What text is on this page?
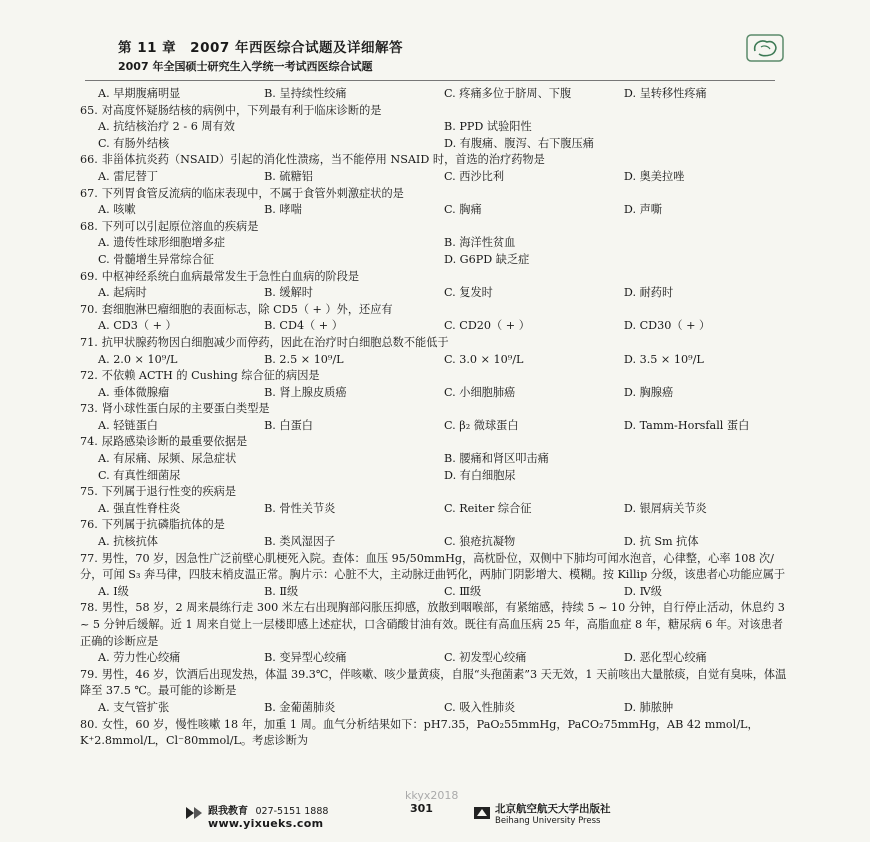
第 11 章　2007 年西医综合试题及详细解答
2007 年全国硕士研究生入学统一考试西医综合试题
A. 早期腹痛明显	B. 呈持续性绞痛	C. 疼痛多位于脐周、下腹	D. 呈转移性疼痛
65. 对高度怀疑肠结核的病例中，下列最有利于临床诊断的是
A. 抗结核治疗 2 - 6 周有效	B. PPD 试验阳性
C. 有肠外结核	D. 有腹痛、腹泻、右下腹压痛
66. 非甾体抗炎药（NSAID）引起的消化性溃疡，当不能停用 NSAID 时，首选的治疗药物是
A. 雷尼替丁	B. 硫糖铝	C. 西沙比利	D. 奥美拉唑
67. 下列胃食管反流病的临床表现中，不属于食管外刺激症状的是
A. 咳嗽	B. 哮喘	C. 胸痛	D. 声嘶
68. 下列可以引起原位溶血的疾病是
A. 遗传性球形细胞增多症	B. 海洋性贫血
C. 骨髓增生异常综合征	D. G6PD 缺乏症
69. 中枢神经系统白血病最常发生于急性白血病的阶段是
A. 起病时	B. 缓解时	C. 复发时	D. 耐药时
70. 套细胞淋巴瘤细胞的表面标志，除 CD5（ + ）外，还应有
A. CD3（ + ）	B. CD4（ + ）	C. CD20（ + ）	D. CD30（ + ）
71. 抗甲状腺药物因白细胞减少而停药，因此在治疗时白细胞总数不能低于
A. 2.0 × 10⁹/L	B. 2.5 × 10⁹/L	C. 3.0 × 10⁹/L	D. 3.5 × 10⁹/L
72. 不依赖 ACTH 的 Cushing 综合征的病因是
A. 垂体微腺瘤	B. 肾上腺皮质癌	C. 小细胞肺癌	D. 胸腺癌
73. 肾小球性蛋白尿的主要蛋白类型是
A. 轻链蛋白	B. 白蛋白	C. β₂ 微球蛋白	D. Tamm-Horsfall 蛋白
74. 尿路感染诊断的最重要依据是
A. 有尿痛、尿频、尿急症状	B. 腰痛和肾区叩击痛
C. 有真性细菌尿	D. 有白细胞尿
75. 下列属于退行性变的疾病是
A. 强直性脊柱炎	B. 骨性关节炎	C. Reiter 综合征	D. 银屑病关节炎
76. 下列属于抗磷脂抗体的是
A. 抗核抗体	B. 类风湿因子	C. 狼疮抗凝物	D. 抗 Sm 抗体
77. 男性，70 岁，因急性广泛前壁心肌梗死入院。查体：血压 95/50mmHg，高枕卧位，双侧中下肺均可闻水泡音，心律整，心率 108 次/分，可闻 S₃ 奔马律，四肢末梢皮温正常。胸片示：心脏不大，主动脉迂曲钙化，两肺门阴影增大、模糊。按 Killip 分级，该患者心功能应属于
A. Ⅰ级	B. Ⅱ级	C. Ⅲ级	D. Ⅳ级
78. 男性，58 岁，2 周来晨练行走 300 米左右出现胸部闷胀压抑感，放散到咽喉部，有紧缩感，持续 5 ~ 10 分钟，自行停止活动，休息约 3 ~ 5 分钟后缓解。近 1 周来自觉上一层楼即感上述症状，口含硝酸甘油有效。既往有高血压病 25 年，高脂血症 8 年，糖尿病 6 年。对该患者正确的诊断应是
A. 劳力性心绞痛	B. 变异型心绞痛	C. 初发型心绞痛	D. 恶化型心绞痛
79. 男性，46 岁，饮酒后出现发热，体温 39.3℃，伴咳嗽、咳少量黄痰，自服“头孢菌素”3 天无效，1 天前咳出大量脓痰，自觉有臭味，体温降至 37.5 ℃。最可能的诊断是
A. 支气管扩张	B. 金葡菌肺炎	C. 吸入性肺炎	D. 肺脓肿
80. 女性，60 岁，慢性咳嗽 18 年，加重 1 周。血气分析结果如下：pH7.35，PaO₂55mmHg，PaCO₂75mmHg，AB 42 mmol/L，K⁺2.8mmol/L，Cl⁻80mmol/L。考虑诊断为
跟我教育 027-5151 1888
www.yixueks.com
kkyx2018
301	北京航空航天大学出版社
Beihang University Press
